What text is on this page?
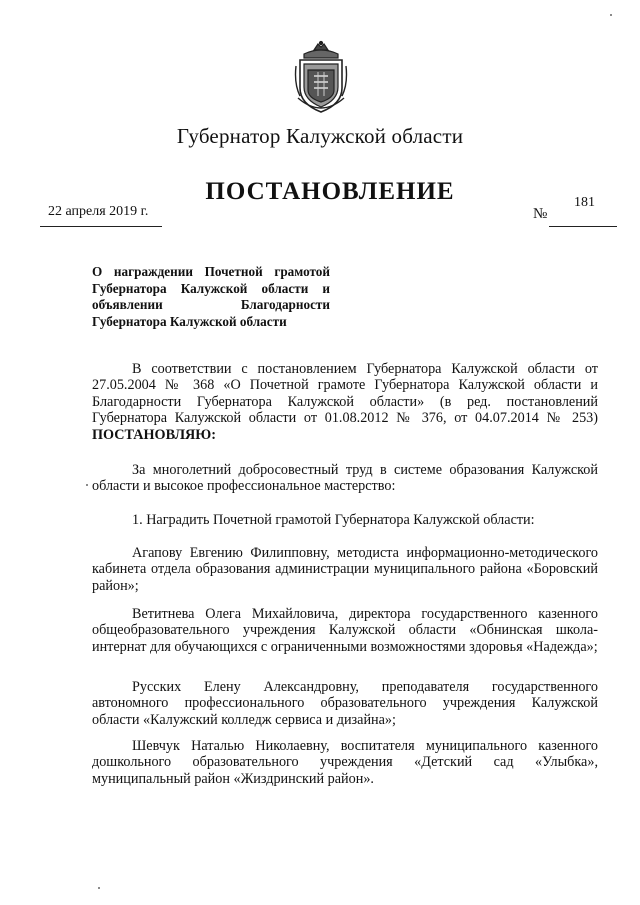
Губернатор Калужской области
ПОСТАНОВЛЕНИЕ
22 апреля 2019 г.	№
181
О награждении Почетной грамотой Губернатора Калужской области и объявлении Благодарности Губернатора Калужской области
В соответствии с постановлением Губернатора Калужской области от 27.05.2004 № 368 «О Почетной грамоте Губернатора Калужской области и Благодарности Губернатора Калужской области» (в ред. постановлений Губернатора Калужской области от 01.08.2012 № 376, от 04.07.2014 № 253) ПОСТАНОВЛЯЮ:
За многолетний добросовестный труд в системе образования Калужской области и высокое профессиональное мастерство:
1. Наградить Почетной грамотой Губернатора Калужской области:
Агапову Евгению Филипповну, методиста информационно-методического кабинета отдела образования администрации муниципального района «Боровский район»;
Ветитнева Олега Михайловича, директора государственного казенного общеобразовательного учреждения Калужской области «Обнинская школа-интернат для обучающихся с ограниченными возможностями здоровья «Надежда»;
Русских Елену Александровну, преподавателя государственного автономного профессионального образовательного учреждения Калужской области «Калужский колледж сервиса и дизайна»;
Шевчук Наталью Николаевну, воспитателя муниципального казенного дошкольного образовательного учреждения «Детский сад «Улыбка», муниципальный район «Жиздринский район».
